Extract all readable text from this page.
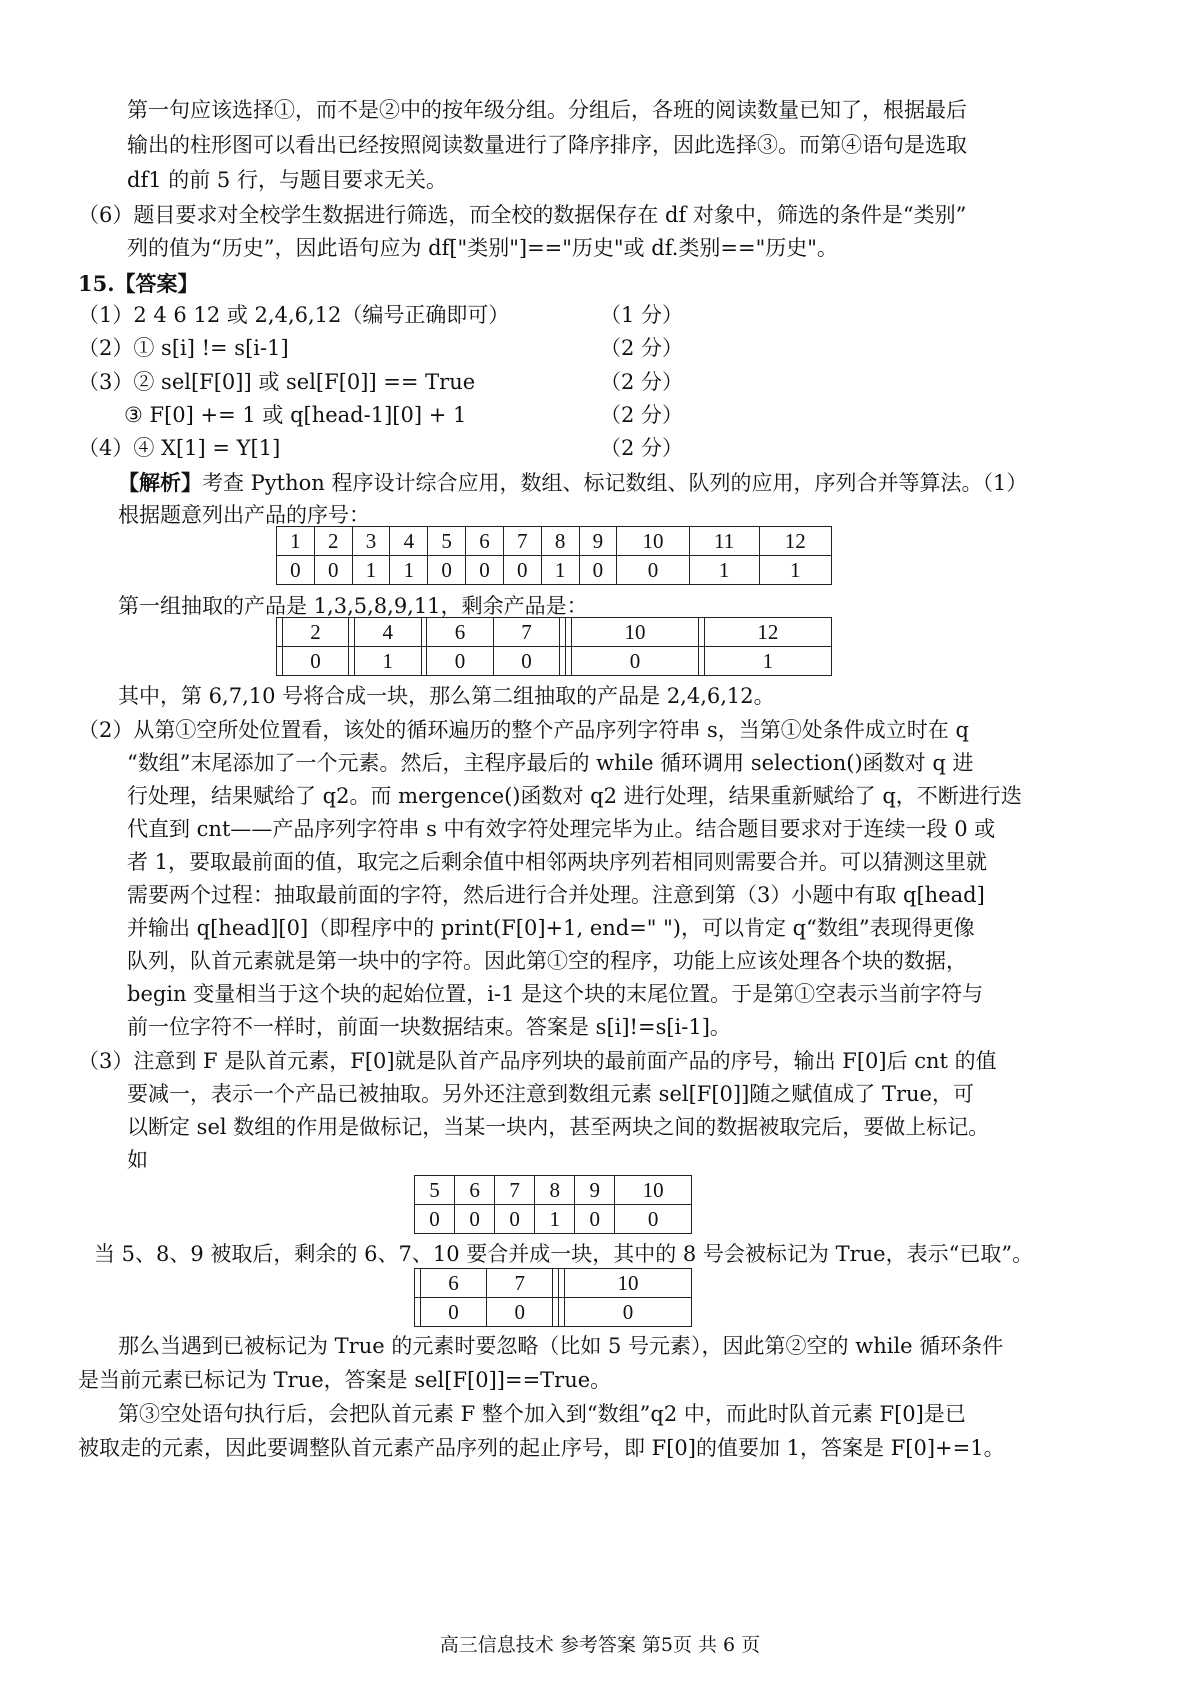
第一句应该选择①，而不是②中的按年级分组。分组后，各班的阅读数量已知了，根据最后
输出的柱形图可以看出已经按照阅读数量进行了降序排序，因此选择③。而第④语句是选取
df1 的前 5 行，与题目要求无关。
（6）题目要求对全校学生数据进行筛选，而全校的数据保存在 df 对象中，筛选的条件是“类别”
列的值为“历史”，因此语句应为 df["类别"]=="历史"或 df.类别=="历史"。
15.【答案】
（1）2 4 6 12 或 2,4,6,12（编号正确即可）	（1 分）
（2）① s[i] != s[i-1]	（2 分）
（3）② sel[F[0]] 或 sel[F[0]] == True	（2 分）
③ F[0] += 1 或 q[head-1][0] + 1	（2 分）
（4）④ X[1] = Y[1]	（2 分）
【解析】考查 Python 程序设计综合应用，数组、标记数组、队列的应用，序列合并等算法。（1）
根据题意列出产品的序号：
1	2	3	4	5	6	7	8	9	10	11	12
0	0	1	1	0	0	0	1	0	0	1	1
第一组抽取的产品是 1,3,5,8,9,11，剩余产品是：
	2		4		6	7			10		12
	0		1		0	0			0		1
其中，第 6,7,10 号将合成一块，那么第二组抽取的产品是 2,4,6,12。
（2）从第①空所处位置看，该处的循环遍历的整个产品序列字符串 s，当第①处条件成立时在 q
“数组”末尾添加了一个元素。然后，主程序最后的 while 循环调用 selection()函数对 q 进
行处理，结果赋给了 q2。而 mergence()函数对 q2 进行处理，结果重新赋给了 q，不断进行迭
代直到 cnt——产品序列字符串 s 中有效字符处理完毕为止。结合题目要求对于连续一段 0 或
者 1，要取最前面的值，取完之后剩余值中相邻两块序列若相同则需要合并。可以猜测这里就
需要两个过程：抽取最前面的字符，然后进行合并处理。注意到第（3）小题中有取 q[head]
并输出 q[head][0]（即程序中的 print(F[0]+1, end=" ")，可以肯定 q“数组”表现得更像
队列，队首元素就是第一块中的字符。因此第①空的程序，功能上应该处理各个块的数据，
begin 变量相当于这个块的起始位置，i-1 是这个块的末尾位置。于是第①空表示当前字符与
前一位字符不一样时，前面一块数据结束。答案是 s[i]!=s[i-1]。
（3）注意到 F 是队首元素，F[0]就是队首产品序列块的最前面产品的序号，输出 F[0]后 cnt 的值
要减一，表示一个产品已被抽取。另外还注意到数组元素 sel[F[0]]随之赋值成了 True，可
以断定 sel 数组的作用是做标记，当某一块内，甚至两块之间的数据被取完后，要做上标记。
如
5	6	7	8	9	10
0	0	0	1	0	0
当 5、8、9 被取后，剩余的 6、7、10 要合并成一块，其中的 8 号会被标记为 True，表示“已取”。
	6	7			10
	0	0			0
那么当遇到已被标记为 True 的元素时要忽略（比如 5 号元素），因此第②空的 while 循环条件
是当前元素已标记为 True，答案是 sel[F[0]]==True。
第③空处语句执行后，会把队首元素 F 整个加入到“数组”q2 中，而此时队首元素 F[0]是已
被取走的元素，因此要调整队首元素产品序列的起止序号，即 F[0]的值要加 1，答案是 F[0]+=1。
高三信息技术 参考答案 第5页 共 6 页
